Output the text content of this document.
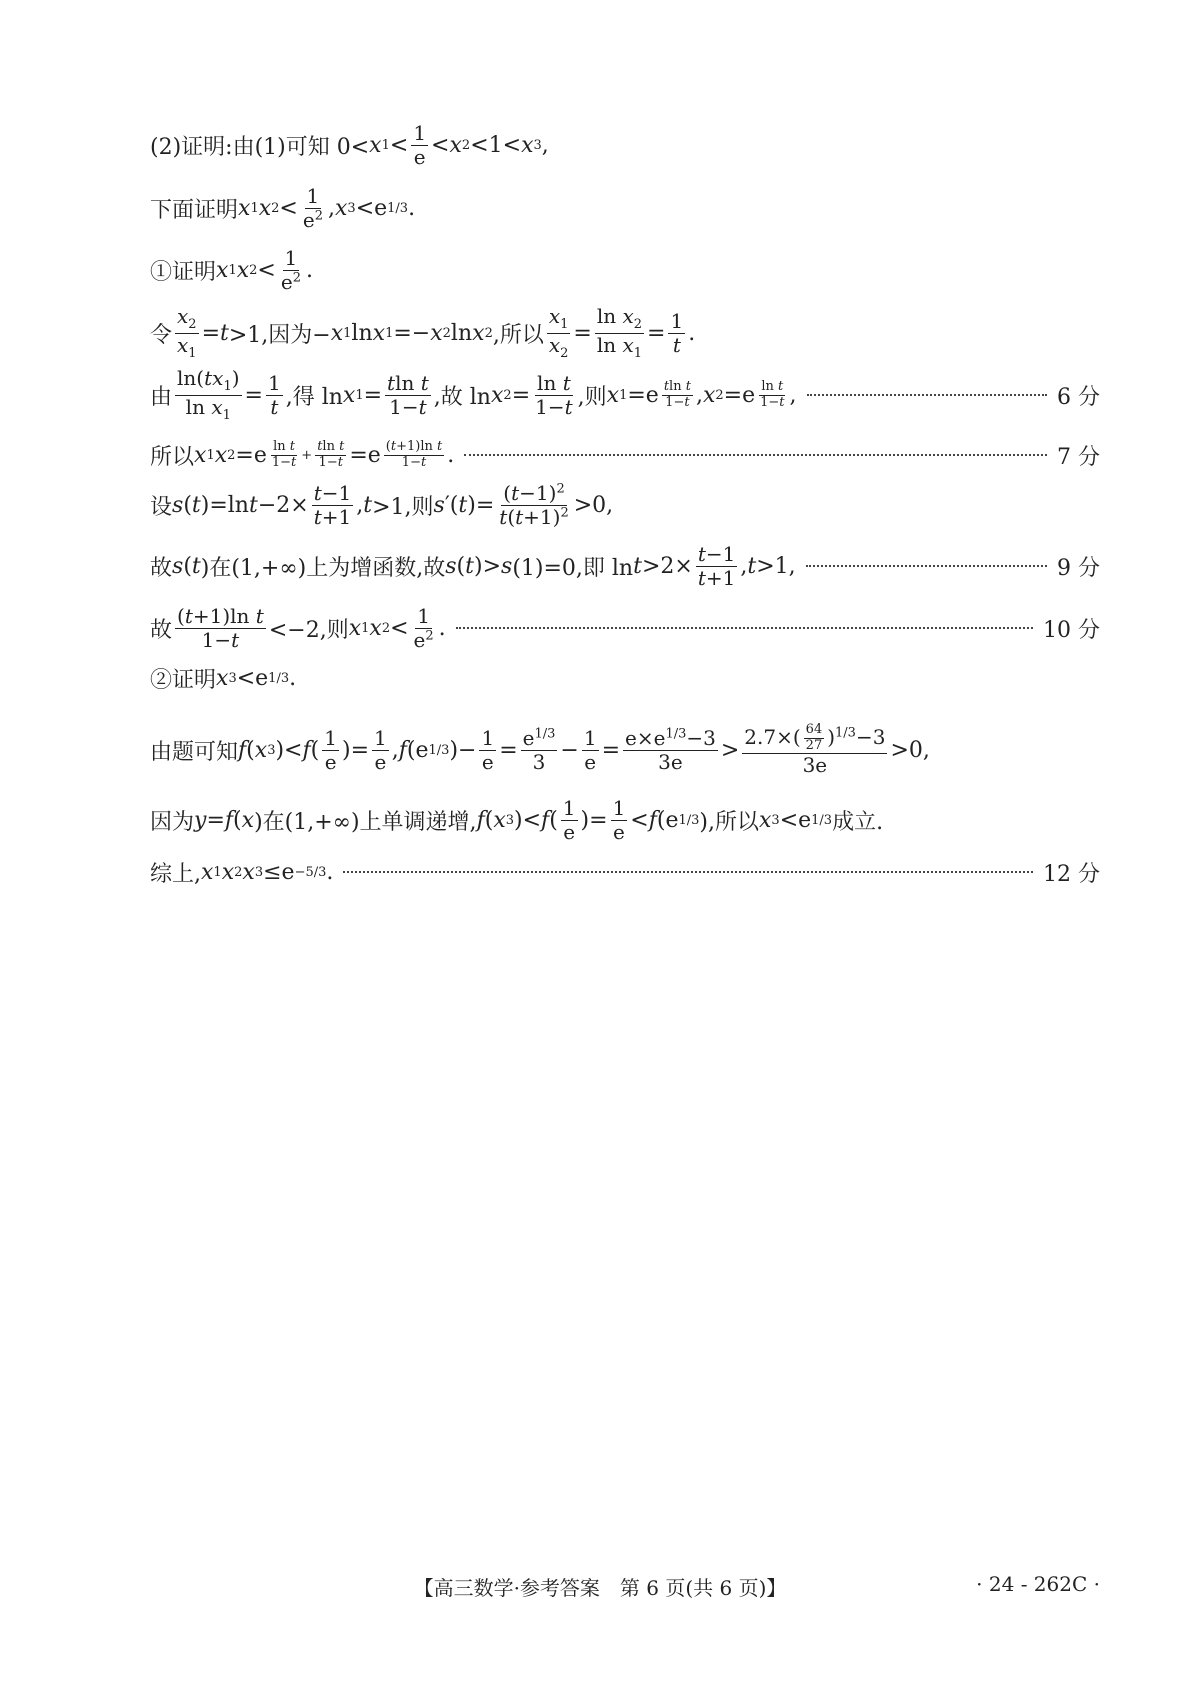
(2)证明:由(1)可知 0< x $1 < \frac{1}{e} < x$ 2 <1< x 3 ,
下面证明 x 1 x $2 < \frac{1}{e^2}$ , x 3 <e 1/3 .
①证明 x 1 x $2 < \frac{1}{e^2}$ .
令 $\frac{x_2}{x_1} = t >1$,因为− x 1 ln x 1 =− x 2 ln x 2 ,所以 $\frac{x_1}{x_2} = \frac{\ln x_2}{\ln x_1} = \frac{1}{t}$ .
由 $\frac{\ln(tx_1)}{\ln x_1} = \frac{1}{t}$ ,得 ln x $1 = \frac{\text{tln t}}{1-t}$ ,故 ln x $2 = \frac{\text{ln t}}{1-t}$ ,则 x $1 =e \frac{\text{tln t}}{1-t}$ , x $2 =e \frac{\text{ln t}}{1-t}$ ,	6 分
所以 x 1 x $2 =e \frac{\text{ln t}}{1-t} + \frac{\text{tln t}}{1-t} =e \frac{\text{(t+1)ln t}}{1-t}$ .	7 分
设 s ( t )=ln $t -2\times \frac{t-1}{t+1}$ , t >1,则 s ′( t )= $\frac{(t-1)^2}{t(t+1)^2} >0$,
故 s ( t )在(1,+∞)上为增函数,故 s ( t )> s (1)=0,即 $\ln t >2\times \frac{t-1}{t+1}$ , t >1,	9 分
故 $\frac{\text{(t+1)ln t}}{1-t} <-2$,则 x 1 x $2 < \frac{1}{e^2}$ .	10 分
②证明 x 3 <e 1/3 .
由题可知 f ( x 3 )< f ( $\frac{1}{e}$ )= $\frac{1}{e}$ , f (e 1/3 )− $\frac{1}{e} = \frac{e^{1/3}}{3} - \frac{1}{e} = \frac{e\times e^{1/3}-3}{3e} > \frac{2.7\times( \frac{64}{27} )^{1/3}-3}{3e} >0$,
因为 y = f ( x )在(1,+∞)上单调递增, f ( x 3 )< f ( $\frac{1}{e}$ )= $\frac{1}{e} < f$ (e 1/3 ),所以 x 3 <e 1/3 成立.
综上, x 1 x 2 x 3 ≤e −5/3 .	12 分
【高三数学·参考答案　第 6 页(共 6 页)】	· 24 - 262C ·
